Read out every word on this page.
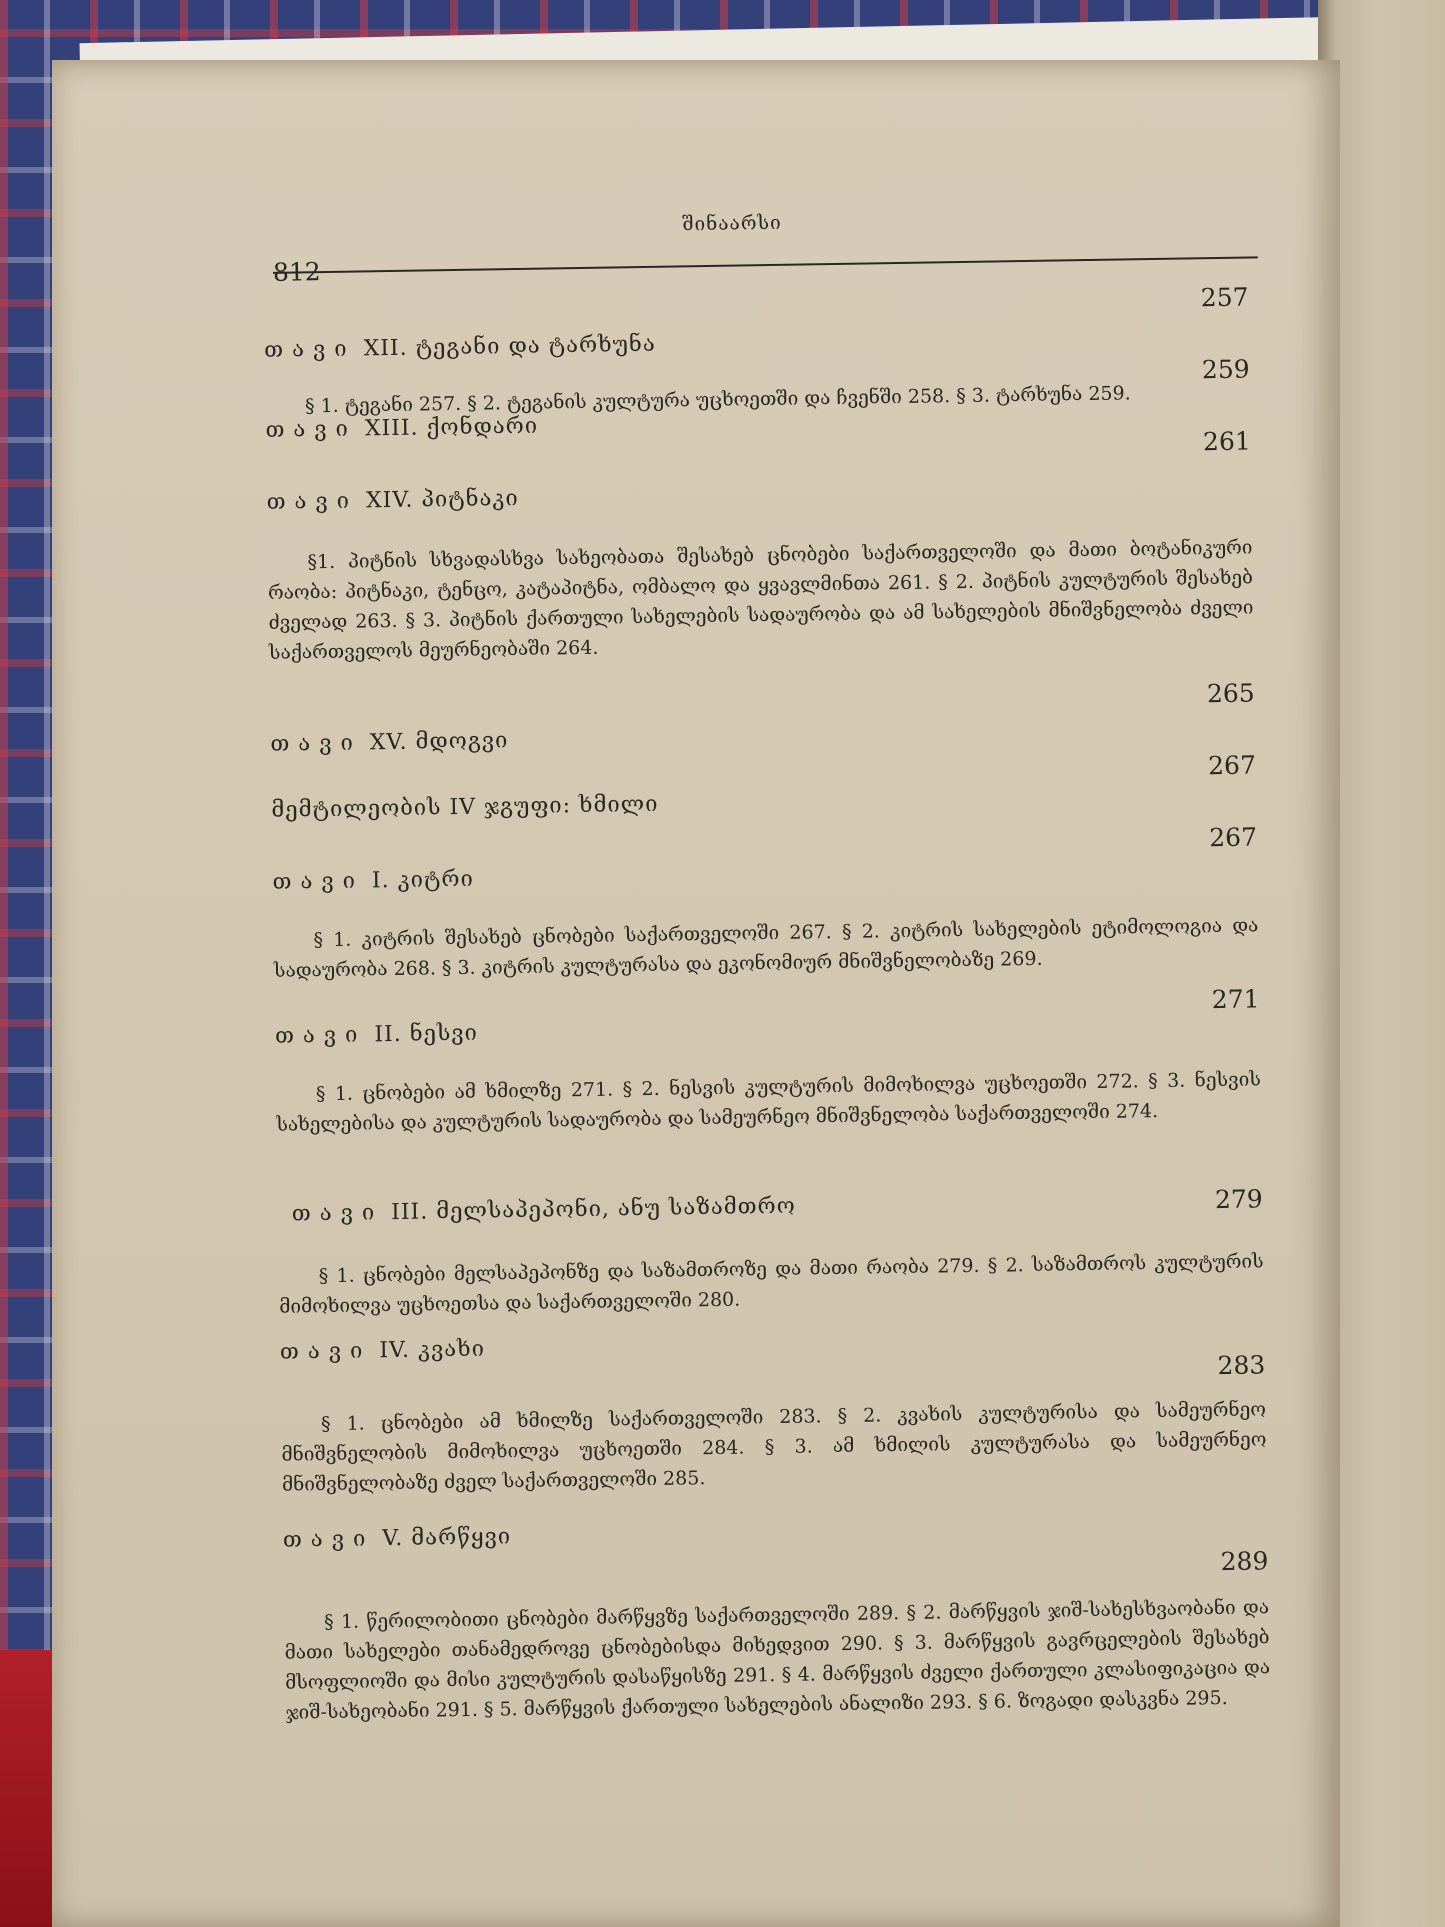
შინაარსი
812
თავი XII. ტეგანი და ტარხუნა
257
§ 1. ტეგანი 257. § 2. ტეგანის კულტურა უცხოეთში და ჩვენში 258. § 3. ტარხუნა 259.
259
თავი XIII. ქონდარი	261
თავი XIV. პიტნაკი
§1. პიტნის სხვადასხვა სახეობათა შესახებ ცნობები საქართველოში და მათი ბოტანიკური რაობა: პიტნაკი, ტენცო, კატაპიტნა, ომბალო და ყვავლმინთა 261. § 2. პიტნის კულტურის შესახებ ძველად 263. § 3. პიტნის ქართული სახელების სადაურობა და ამ სახელების მნიშვნელობა ძველი საქართველოს მეურნეობაში 264.
265
თავი XV. მდოგვი
267
მემტილეობის IV ჯგუფი: ხმილი
267
თავი I. კიტრი
§ 1. კიტრის შესახებ ცნობები საქართველოში 267. § 2. კიტრის სახელების ეტიმოლოგია და სადაურობა 268. § 3. კიტრის კულტურასა და ეკონომიურ მნიშვნელობაზე 269.
271
თავი II. ნესვი
§ 1. ცნობები ამ ხმილზე 271. § 2. ნესვის კულტურის მიმოხილვა უცხოეთში 272. § 3. ნესვის სახელებისა და კულტურის სადაურობა და სამეურნეო მნიშვნელობა საქართველოში 274.
279
თავი III. მელსაპეპონი, ანუ საზამთრო
§ 1. ცნობები მელსაპეპონზე და საზამთროზე და მათი რაობა 279. § 2. საზამთროს კულტურის მიმოხილვა უცხოეთსა და საქართველოში 280.
თავი IV. კვახი
283
§ 1. ცნობები ამ ხმილზე საქართველოში 283. § 2. კვახის კულტურისა და სამეურნეო მნიშვნელობის მიმოხილვა უცხოეთში 284. § 3. ამ ხმილის კულტურასა და სამეურნეო მნიშვნელობაზე ძველ საქართველოში 285.
თავი V. მარწყვი
289
§ 1. წერილობითი ცნობები მარწყვზე საქართველოში 289. § 2. მარწყვის ჯიშ-სახესხვაობანი და მათი სახელები თანამედროვე ცნობებისდა მიხედვით 290. § 3. მარწყვის გავრცელების შესახებ მსოფლიოში და მისი კულტურის დასაწყისზე 291. § 4. მარწყვის ძველი ქართული კლასიფიკაცია და ჯიშ-სახეობანი 291. § 5. მარწყვის ქართული სახელების ანალიზი 293. § 6. ზოგადი დასკვნა 295.
